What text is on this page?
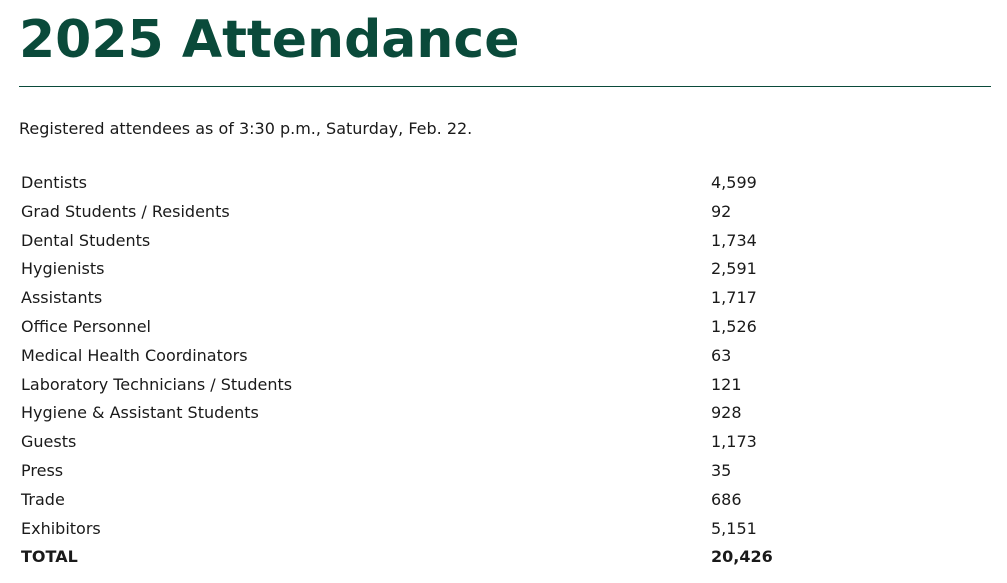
2025 Attendance
Registered attendees as of 3:30 p.m., Saturday, Feb. 22.
Dentists	4,599
Grad Students / Residents	92
Dental Students	1,734
Hygienists	2,591
Assistants	1,717
Office Personnel	1,526
Medical Health Coordinators	63
Laboratory Technicians / Students	121
Hygiene & Assistant Students	928
Guests	1,173
Press	35
Trade	686
Exhibitors	5,151
TOTAL	20,426
